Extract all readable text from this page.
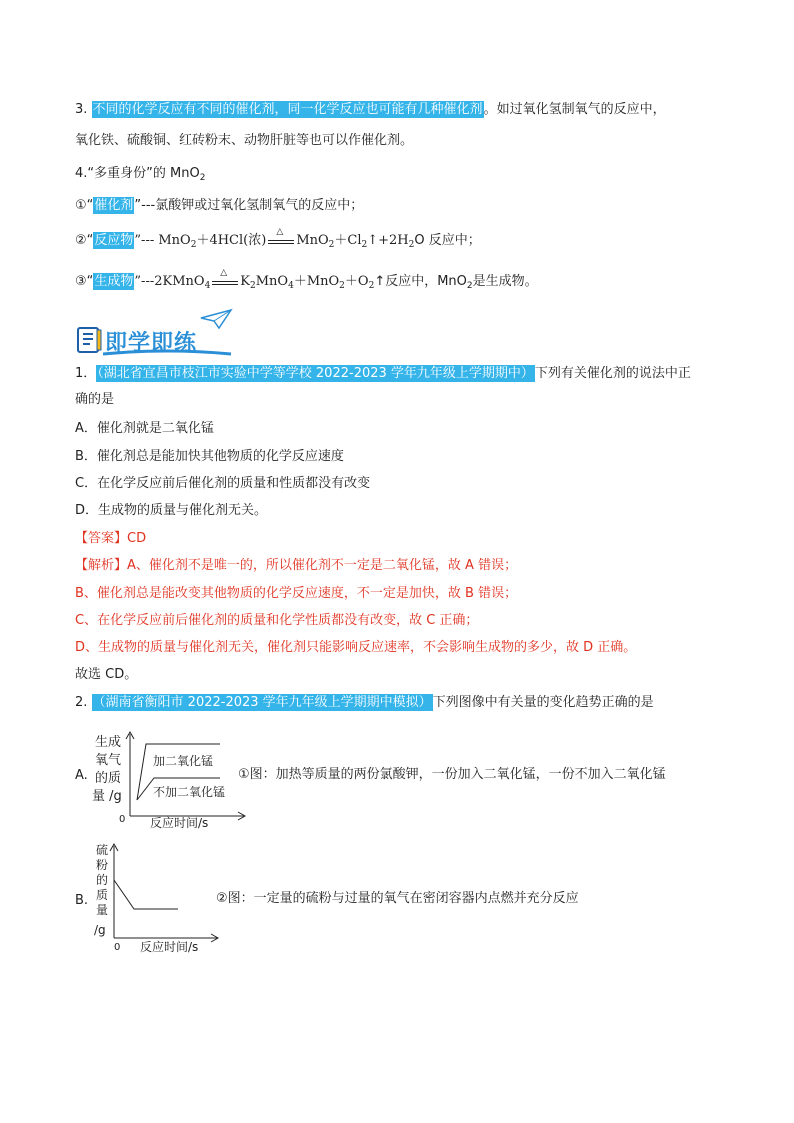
3. 不同的化学反应有不同的催化剂，同一化学反应也可能有几种催化剂。如过氧化氢制氧气的反应中，
氧化铁、硫酸铜、红砖粉末、动物肝脏等也可以作催化剂。
4.“多重身份”的 MnO$_2$
①“催化剂”---氯酸钾或过氧化氢制氧气的反应中；
②“反应物”--- MnO$_2$＋4HCl(浓)
△
$MnO_2+Cl_2↑+2H_2O$ 反应中；
③“生成物”---2KMnO$_4$
△
$K_2MnO_4+MnO_2+O_2↑$反应中，MnO$_2$是生成物。
即学即练
1．（湖北省宜昌市枝江市实验中学等学校 2022-2023 学年九年级上学期期中）下列有关催化剂的说法中正
确的是
A．催化剂就是二氧化锰
B．催化剂总是能加快其他物质的化学反应速度
C．在化学反应前后催化剂的质量和性质都没有改变
D．生成物的质量与催化剂无关。
【答案】CD
【解析】A、催化剂不是唯一的，所以催化剂不一定是二氧化锰，故 A 错误；
B、催化剂总是能改变其他物质的化学反应速度，不一定是加快，故 B 错误；
C、在化学反应前后催化剂的质量和化学性质都没有改变，故 C 正确；
D、生成物的质量与催化剂无关，催化剂只能影响反应速率，不会影响生成物的多少，故 D 正确。
故选 CD。
2. （湖南省衡阳市 2022-2023 学年九年级上学期期中模拟）下列图像中有关量的变化趋势正确的是
A.
生成
氧气
的质
量 /g
0 反应时间/s
加二氧化锰
不加二氧化锰
①图：加热等质量的两份氯酸钾，一份加入二氧化锰，一份不加入二氧化锰
B.
硫
粉
的
质
量
/g
0 反应时间/s
②图：一定量的硫粉与过量的氧气在密闭容器内点燃并充分反应
